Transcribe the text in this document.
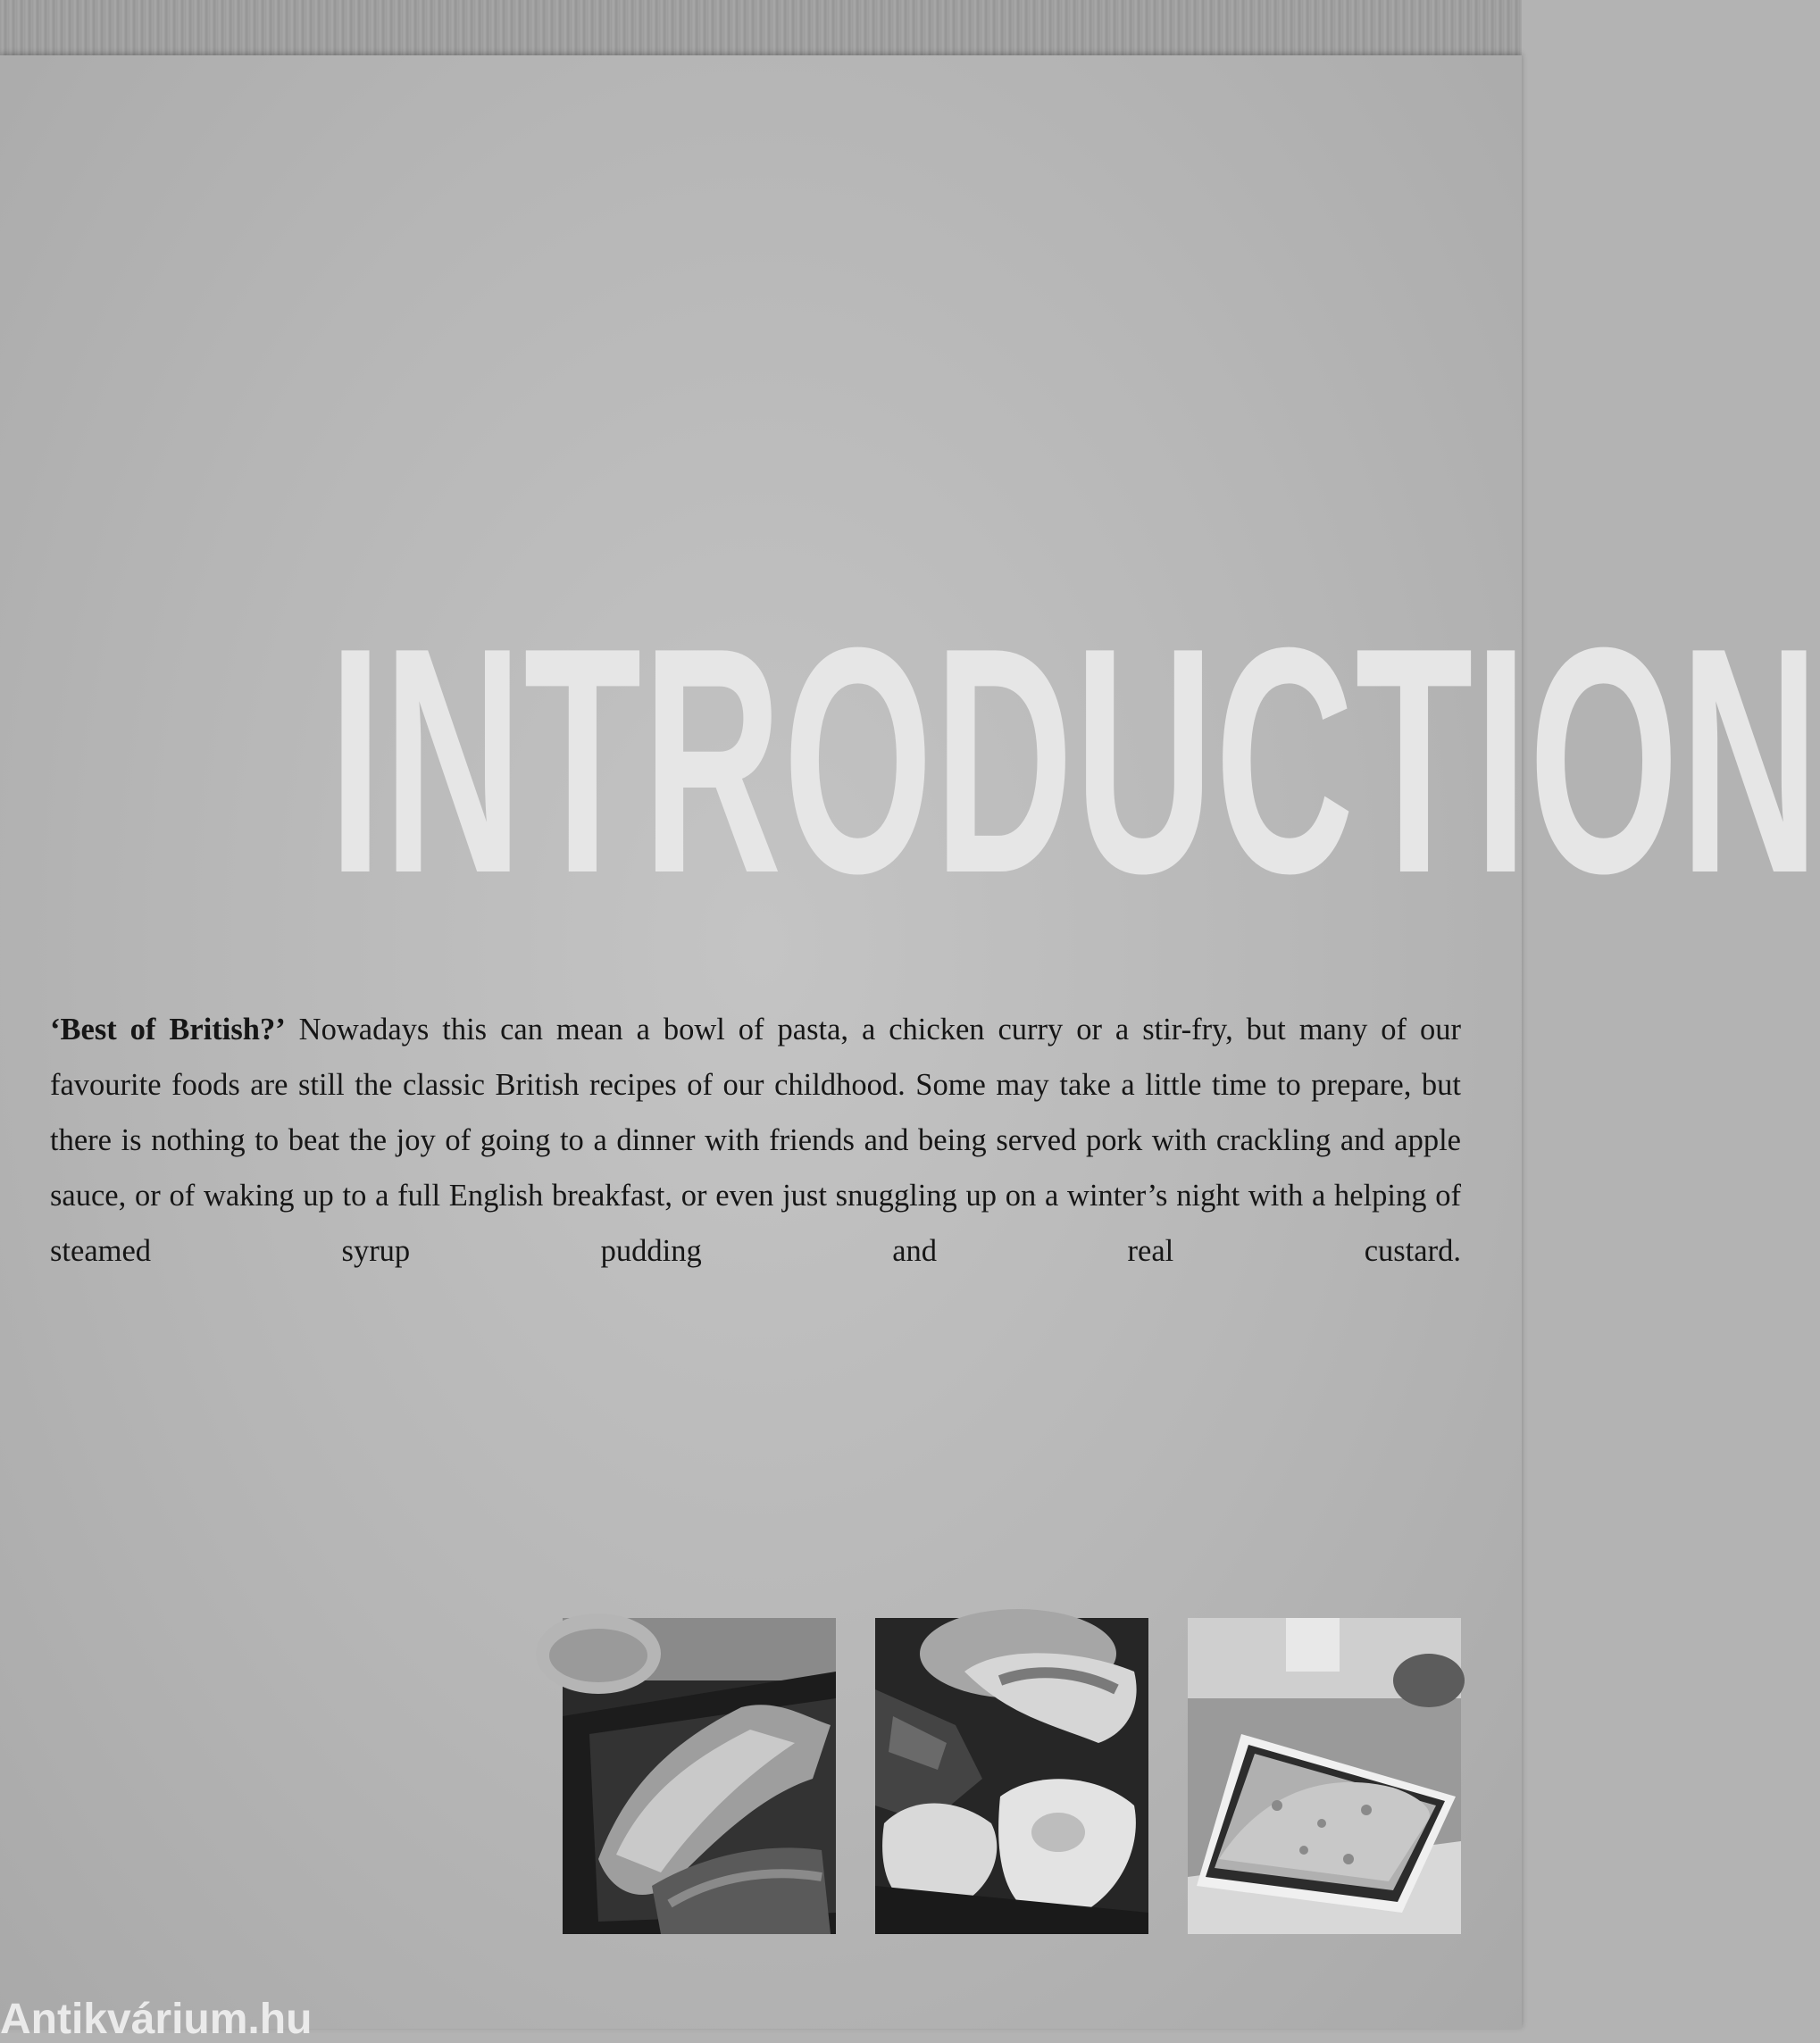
INTRODUCTION

‘Best of British?’ Nowadays this can mean a bowl of pasta, a chicken curry or a stir-fry, but many of our favourite foods are still the classic British recipes of our childhood. Some may take a little time to prepare, but there is nothing to beat the joy of going to a dinner with friends and being served pork with crackling and apple sauce, or of waking up to a full English breakfast, or even just snuggling up on a winter’s night with a helping of steamed syrup pudding and real custard.

Antikvárium.hu
